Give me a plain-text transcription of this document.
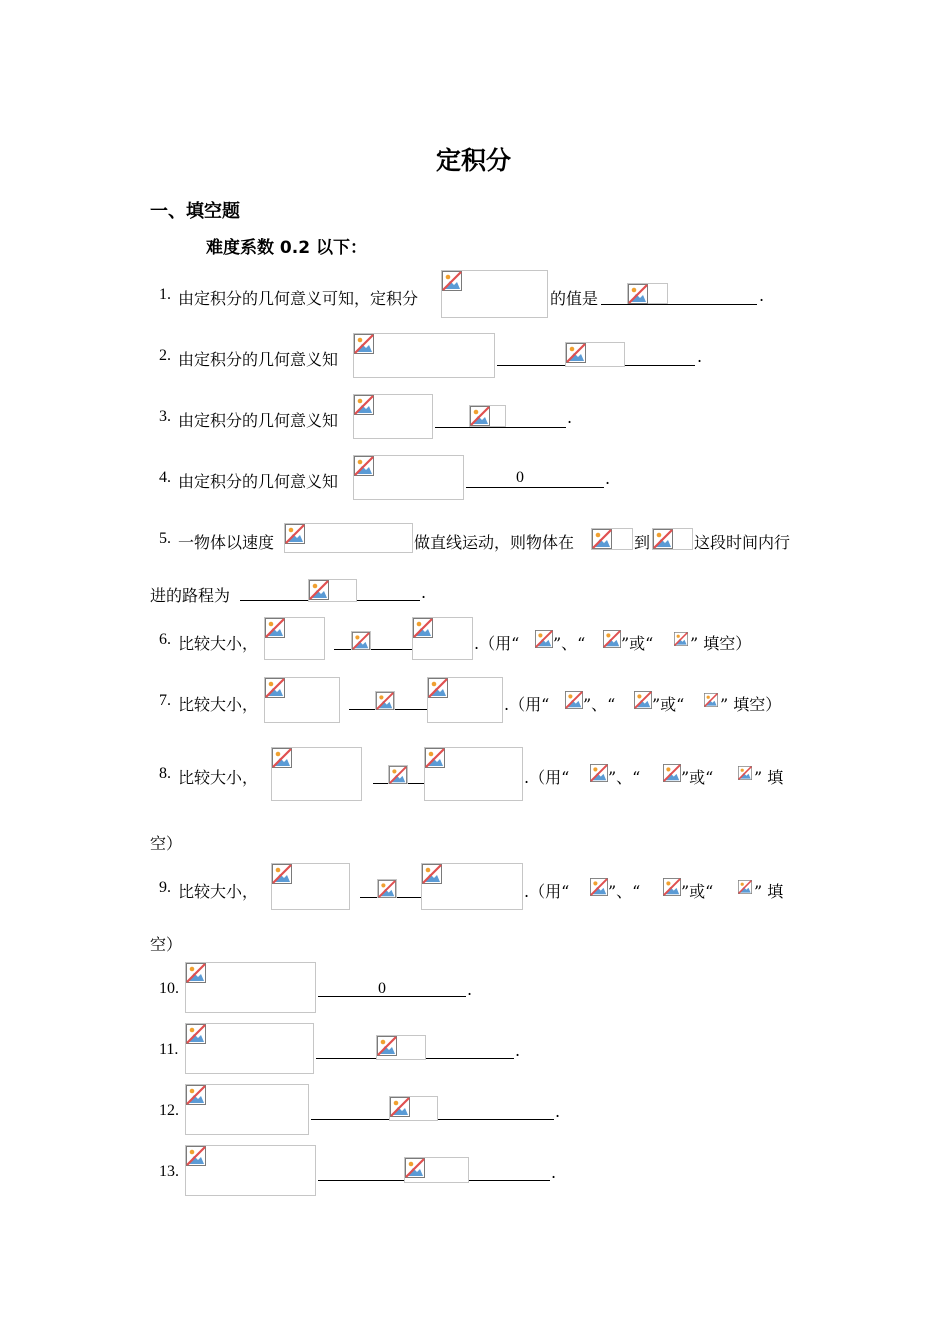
定积分
一、填空题
难度系数 0.2 以下：
1. 由定积分的几何意义可知，定积分	的值是	.
2. 由定积分的几何意义知	.
3. 由定积分的几何意义知	.
4. 由定积分的几何意义知	0	.
5. 一物体以速度	做直线运动，则物体在	到	这段时间内行
进的路程为	.
6. 比较大小，	.（用“ ”、“ ”或“ ” 填空）
7. 比较大小，	.（用“ ”、“ ”或“ ” 填空）
8. 比较大小，	.（用“ ”、“	”或“	” 填
空）
9. 比较大小，	.（用“ ”、“	”或“	” 填
空）
10.	0	.
11.	.
12.	.
13.	.
